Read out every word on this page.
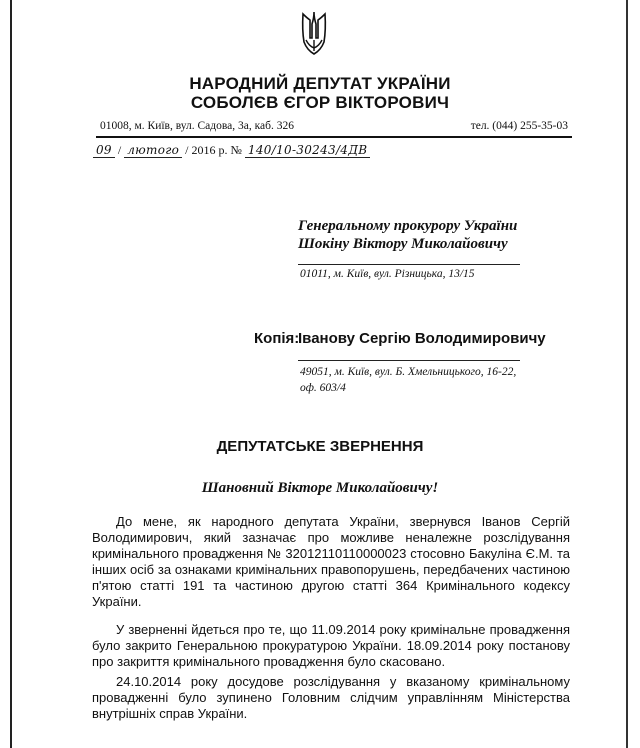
НАРОДНИЙ ДЕПУТАТ УКРАЇНИ
СОБОЛЄВ ЄГОР ВІКТОРОВИЧ
01008, м. Київ, вул. Садова, 3а, каб. 326	тел. (044) 255-35-03
09 / лютого / 2016 р. № 140/10-30243/4ДВ
Генеральному прокурору України
Шокіну Віктору Миколайовичу
01011, м. Київ, вул. Різницька, 13/15
Копія:
Іванову Сергію Володимировичу
49051, м. Київ, вул. Б. Хмельницького, 16-22,
оф. 603/4
ДЕПУТАТСЬКЕ ЗВЕРНЕННЯ
Шановний Вікторе Миколайовичу!
До мене, як народного депутата України, звернувся Іванов Сергій Володимирович, який зазначає про можливе неналежне розслідування кримінального провадження № 32012110110000023 стосовно Бакуліна Є.М. та інших осіб за ознаками кримінальних правопорушень, передбачених частиною п'ятою статті 191 та частиною другою статті 364 Кримінального кодексу України.
У зверненні йдеться про те, що 11.09.2014 року кримінальне провадження було закрито Генеральною прокуратурою України. 18.09.2014 року постанову про закриття кримінального провадження було скасовано.
24.10.2014 року досудове розслідування у вказаному кримінальному провадженні було зупинено Головним слідчим управлінням Міністерства внутрішніх справ України.
